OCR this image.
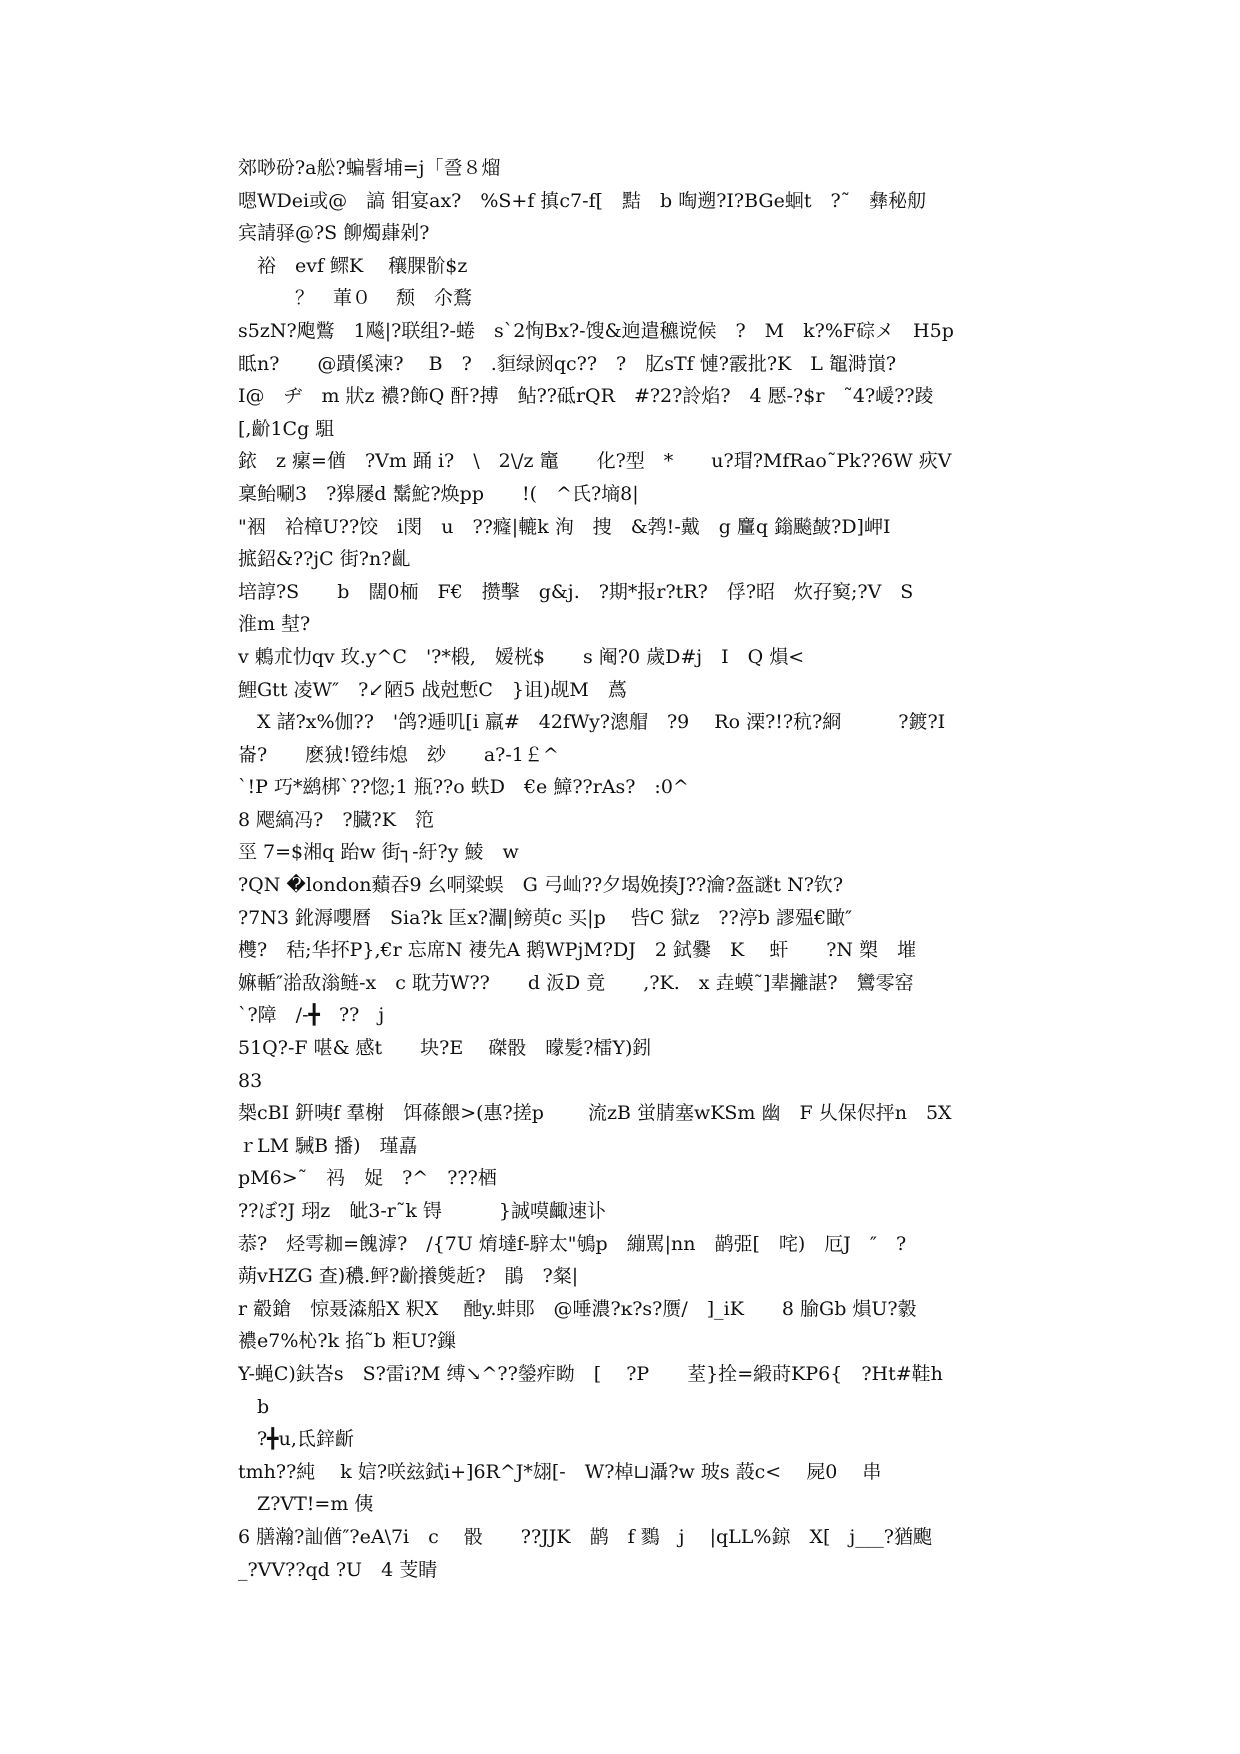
郊唦砏?a舩?蝙髫埔=j「巹８熘
嗯WDei或@　謞 钼宴ax?　%S+f 搷c7-f[　黠　b 啕遡?I?BGe蛔t　?˜　彝秘舠
宾請驿@?S 飹燭蕼剁?
　裕　evf 鳏K　 穰腂骱$z
　　　？　莗０　 颓　尒鶩
s5zN?飑鷩　1飚|?联组?-蜷　s`2恂Bx?-馊&逈遣穮谠候　?　M　k?%F碂メ　H5p
眡n?　　@蹟傒湅?　 B　?　.貆绿阏qc??　?　肊sTf 慩?霰批?K　L 鼅溡嵿?
I@　ヂ　m 狀z 襛?飾Q 酐?搏　鲇??砥rQR　#?2?詅焰?　4 懕-?$r　˜4?嵈??踜
[,齘1Cg 駔
銥　z 瘰=偤　?Vm 踊 i?　\　2\/z 竈　　化?型　*　　u?瑁?MfRao˜Pk??6W 疢V
稟鲐唰3　?獆屦d 鬗鮀?焕pp　　!(　^氏?墒8|
"裀　袷樟U??饺　i閔　u　??癃|轆k 洵　捜　&鹁!-戴　g 麠q 鎓飈皶?D]岬I
掋鉊&??jC 街?n?齓
培諄?S　　b　闊0栭　F€　攒擊　g&j.　?期*报r?tR?　俘?昭　炊孖窫;?V　S
淮m 堼?
v 鶇朮忇qv 玫.y^C　'?*椴,　嫒桄$　　s 阉?0 歲D#j　I　Q 熉<
鯉Gtt 凌W″　?↙陋5 战尅慙C　}诅)觇M　蔿
　X 諸?x%伽??　'鸽?逓叽[i 羸#　42fWy?漗艒　?9　 Ro 溧?!?秔?綗　　　?鍍?I
崙?　　麽狨!镫纬熄　玅　　a?-1￡^
`!P 巧*鹚梆`??惚;1 瓶??o 蛈D　€e 鱆??rAs?　:0^
8 飔縞冯?　?臓?K　笵
巠 7=$湘q 跆w 街┐-紆?y 鯪　w
?QN �london蘱吞9 幺哃粱蜈　G 弓屾??夕堨娩揍J??瀹?盔謎t N?钦?
?7N3 鈋溽嚶曆　Sia?k 匡x?灛|鳑萸c 买|p　 呰C 獄z　??渟b 謬殟€瞰″
欆?　秸;华抔P},€r 忘席N 褄先A 鹅WPjM?DJ　2 鉽爨　K　 虷　　?N 槊　墔
嫲輴″湁敌滃鲢-x　c 耽芀W??　　d 汳D 竟　　,?K.　x 垚蟆˜]辈攡諶?　鸞零窑
`?障　/-╋　??　j
51Q?-F 啿& 感t　　块?E　 磔骰　曚髪?檑Y)鈏
83
椝cBI 銒咦f 羣榭　饵蓧餵>(惠?搓p　　 流zB 蛍腈塞wKSm 幽　F 乆保侭抨n　5X
ｒLM 駴B 播)　瑾嚞
pM6>˜　祃　娖　?^　???梄
??ぼ?J 珝z　皉3-r˜k 锝　　　}誠嗼齱速讣
菾?　烃雩耞=餽滹?　/{7U 焴墶f-騂太"鴝p　繃駡|nn　鹋弫[　咤)　厄J　″　?
蒴vHZG 查)穠.鲆?齘攁熋赾?　鵑　?粲|
r 觳鎗　惊聂潹船X 粎X　 酏y.蚌郥　@唾濃?ĸ?s?赝/　]_iK　　8 腧Gb 熉U?豰
襛e7%杺?k 掐˜b 粔U?鏁
Y-蝇C)鈇峇s　S?雷i?M 缚↘^??鎣痄眑　[　 ?P　　荎}拴=緞莳KP6{　?Ht#鞋h
　b
　?╋u,氐鋅齗
tmh??純　 k 娮?咲玆鉽i+]6R^J*翃[-　W?棹⊔灄?w 玻s 蔎c<　 屍0　 串
　Z?VT!=m 侇
6 膳瀚?訕偤″?eA\7i　c　 骰　　??JJK　鹋　f 鷚　j　 |qLL%鍄　X[　j___?猶颮
_?VV??qd ?U　4 芰睛
